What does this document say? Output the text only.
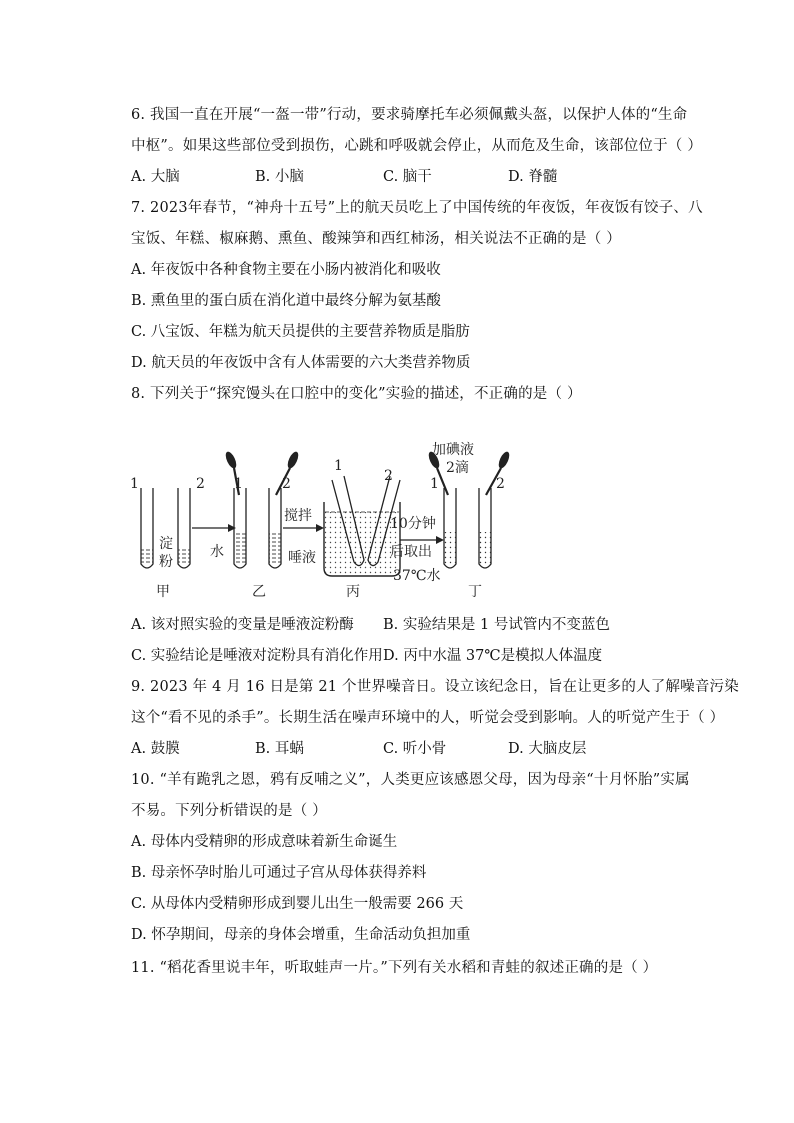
6. 我国一直在开展“一盔一带”行动，要求骑摩托车必须佩戴头盔，以保护人体的“生命
中枢”。如果这些部位受到损伤，心跳和呼吸就会停止，从而危及生命，该部位位于（ ）
A. 大脑	B. 小脑	C. 脑干	D. 脊髓
7. 2023年春节，“神舟十五号”上的航天员吃上了中国传统的年夜饭，年夜饭有饺子、八
宝饭、年糕、椒麻鹅、熏鱼、酸辣笋和西红柿汤，相关说法不正确的是（ ）
A. 年夜饭中各种食物主要在小肠内被消化和吸收
B. 熏鱼里的蛋白质在消化道中最终分解为氨基酸
C. 八宝饭、年糕为航天员提供的主要营养物质是脂肪
D. 航天员的年夜饭中含有人体需要的六大类营养物质
8. 下列关于“探究馒头在口腔中的变化”实验的描述，不正确的是（ ）
1	2
淀
粉
甲
1	2
水
乙
搅拌
唾液
1
2
丙
10分钟
后取出
37℃水
加碘液
2滴
1	2
丁
A. 该对照实验的变量是唾液淀粉酶 B. 实验结果是 1 号试管内不变蓝色
C. 实验结论是唾液对淀粉具有消化作用 D. 丙中水温 37℃是模拟人体温度
9. 2023 年 4 月 16 日是第 21 个世界噪音日。设立该纪念日，旨在让更多的人了解噪音污染
这个“看不见的杀手”。长期生活在噪声环境中的人，听觉会受到影响。人的听觉产生于（ ）
A. 鼓膜	B. 耳蜗	C. 听小骨	D. 大脑皮层
10. “羊有跪乳之恩，鸦有反哺之义”，人类更应该感恩父母，因为母亲“十月怀胎”实属
不易。下列分析错误的是（ ）
A. 母体内受精卵的形成意味着新生命诞生
B. 母亲怀孕时胎儿可通过子宫从母体获得养料
C. 从母体内受精卵形成到婴儿出生一般需要 266 天
D. 怀孕期间，母亲的身体会增重，生命活动负担加重
11. “稻花香里说丰年，听取蛙声一片。”下列有关水稻和青蛙的叙述正确的是（ ）
